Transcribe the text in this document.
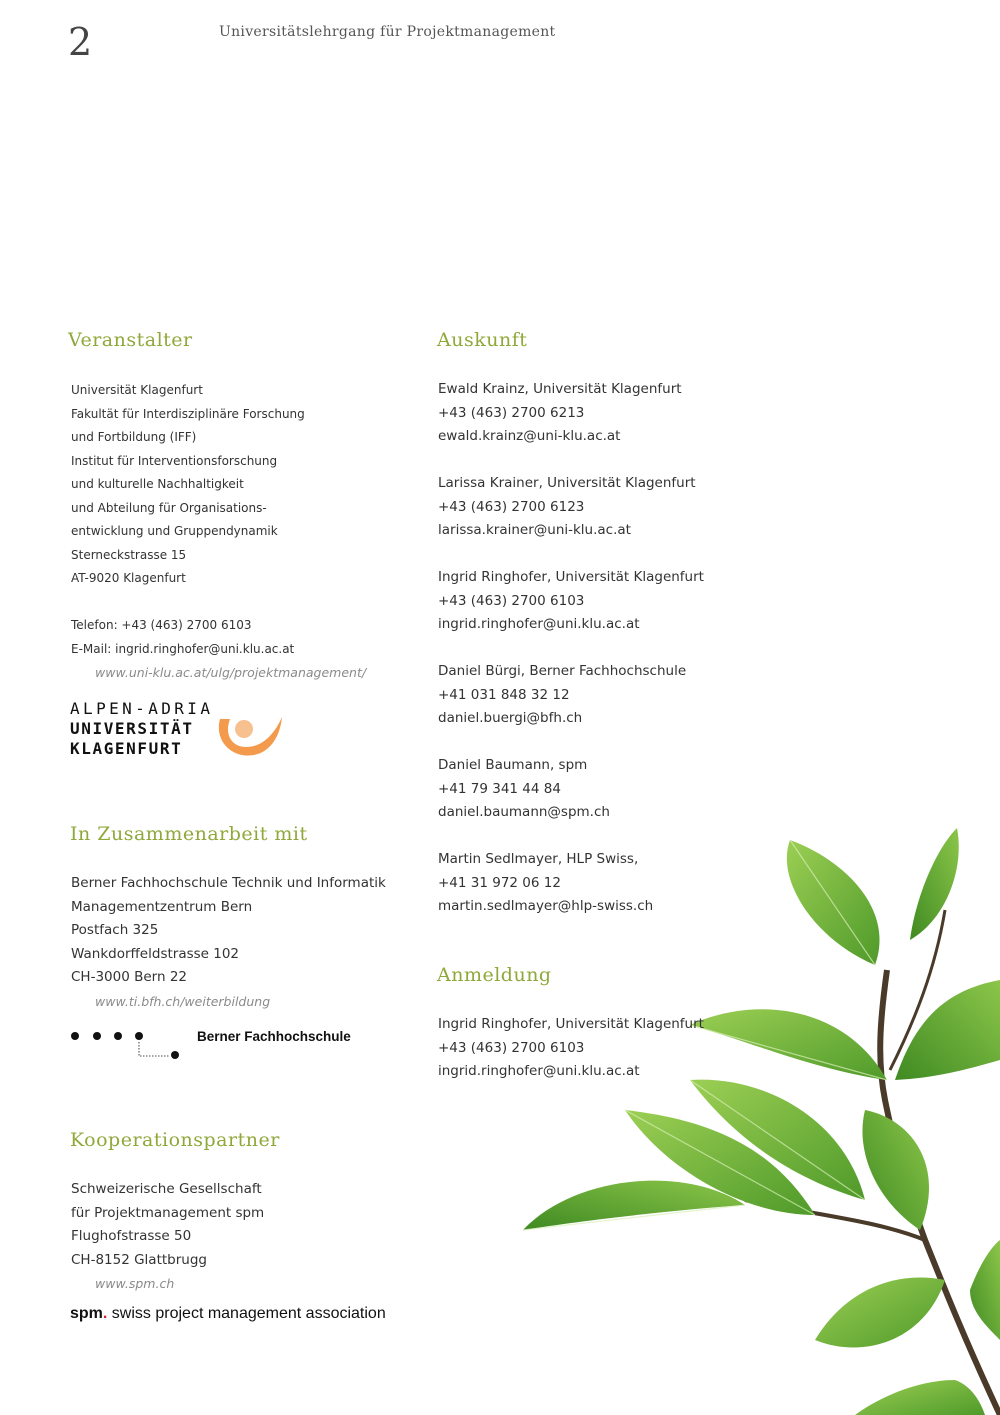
2	Universitätslehrgang für Projektmanagement
Veranstalter
Universität Klagenfurt
Fakultät für Interdisziplinäre Forschung
und Fortbildung (IFF)
Institut für Interventionsforschung
und kulturelle Nachhaltigkeit
und Abteilung für Organisations-
entwicklung und Gruppendynamik
Sterneckstrasse 15
AT-9020 Klagenfurt
Telefon: +43 (463) 2700 6103
E-Mail: ingrid.ringhofer@uni.klu.ac.at
www.uni-klu.ac.at/ulg/projektmanagement/
ALPEN-ADRIA
UNIVERSITÄT
KLAGENFURT
In Zusammenarbeit mit
Berner Fachhochschule Technik und Informatik
Managementzentrum Bern
Postfach 325
Wankdorffeldstrasse 102
CH-3000 Bern 22
www.ti.bfh.ch/weiterbildung
Berner Fachhochschule
Kooperationspartner
Schweizerische Gesellschaft
für Projektmanagement spm
Flughofstrasse 50
CH-8152 Glattbrugg
www.spm.ch
spm. swiss project management association
Auskunft
Ewald Krainz, Universität Klagenfurt
+43 (463) 2700 6213
ewald.krainz@uni-klu.ac.at
Larissa Krainer, Universität Klagenfurt
+43 (463) 2700 6123
larissa.krainer@uni-klu.ac.at
Ingrid Ringhofer, Universität Klagenfurt
+43 (463) 2700 6103
ingrid.ringhofer@uni.klu.ac.at
Daniel Bürgi, Berner Fachhochschule
+41 031 848 32 12
daniel.buergi@bfh.ch
Daniel Baumann, spm
+41 79 341 44 84
daniel.baumann@spm.ch
Martin Sedlmayer, HLP Swiss,
+41 31 972 06 12
martin.sedlmayer@hlp-swiss.ch
Anmeldung
Ingrid Ringhofer, Universität Klagenfurt
+43 (463) 2700 6103
ingrid.ringhofer@uni.klu.ac.at
